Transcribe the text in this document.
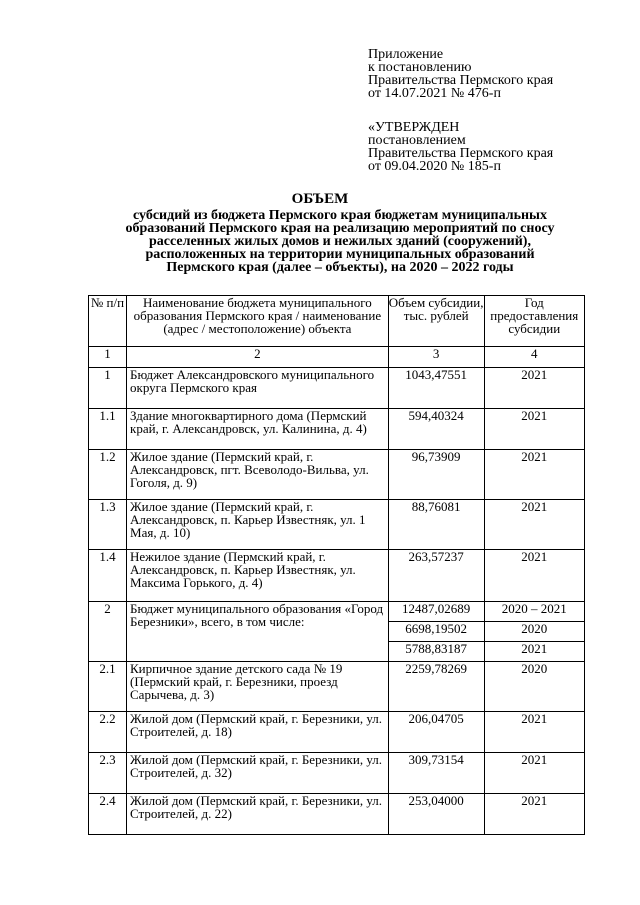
Приложение
к постановлению
Правительства Пермского края
от 14.07.2021 № 476-п
«УТВЕРЖДЕН
постановлением
Правительства Пермского края
от 09.04.2020 № 185-п
ОБЪЕМ
субсидий из бюджета Пермского края бюджетам муниципальных
образований Пермского края на реализацию мероприятий по сносу
расселенных жилых домов и нежилых зданий (сооружений),
расположенных на территории муниципальных образований
Пермского края (далее – объекты), на 2020 – 2022 годы
№ п/п	Наименование бюджета муниципального образования Пермского края / наименование (адрес / местоположение) объекта	Объем субсидии, тыс. рублей	Год предоставления субсидии
1	2	3	4
1	Бюджет Александровского муниципального округа Пермского края	1043,47551	2021
1.1	Здание многоквартирного дома (Пермский край, г. Александровск, ул. Калинина, д. 4)	594,40324	2021
1.2	Жилое здание (Пермский край, г. Александровск, пгт. Всеволодо-Вильва, ул. Гоголя, д. 9)	96,73909	2021
1.3	Жилое здание (Пермский край, г. Александровск, п. Карьер Известняк, ул. 1 Мая, д. 10)	88,76081	2021
1.4	Нежилое здание (Пермский край, г. Александровск, п. Карьер Известняк, ул. Максима Горького, д. 4)	263,57237	2021
2	Бюджет муниципального образования «Город Березники», всего, в том числе:	12487,02689	2020 – 2021
		6698,19502	2020
		5788,83187	2021
2.1	Кирпичное здание детского сада № 19 (Пермский край, г. Березники, проезд Сарычева, д. 3)	2259,78269	2020
2.2	Жилой дом (Пермский край, г. Березники, ул. Строителей, д. 18)	206,04705	2021
2.3	Жилой дом (Пермский край, г. Березники, ул. Строителей, д. 32)	309,73154	2021
2.4	Жилой дом (Пермский край, г. Березники, ул. Строителей, д. 22)	253,04000	2021
